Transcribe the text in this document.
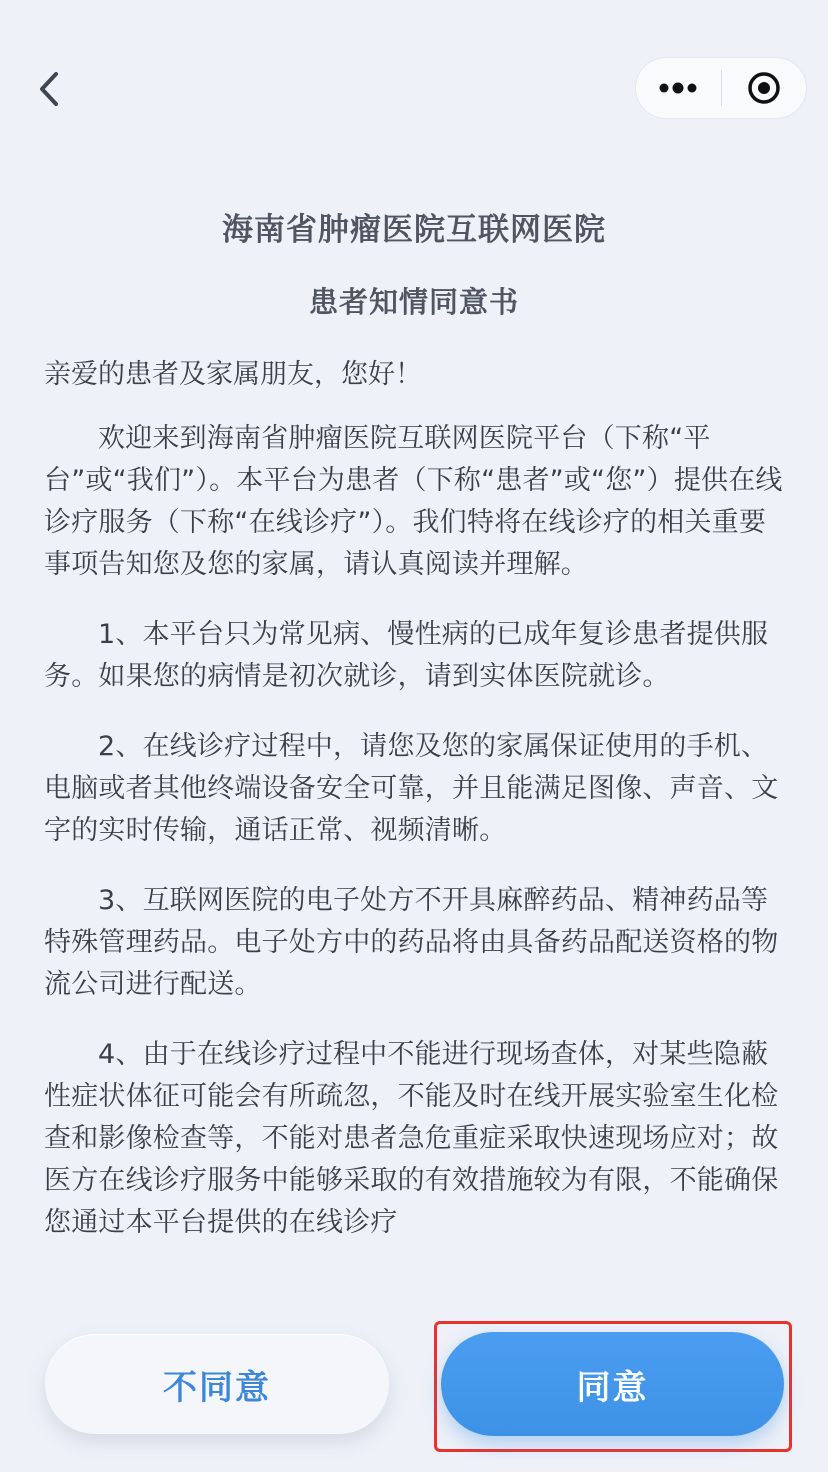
海南省肿瘤医院互联网医院
患者知情同意书
亲爱的患者及家属朋友，您好！

欢迎来到海南省肿瘤医院互联网医院平台（下称“平台”或“我们”）。本平台为患者（下称“患者”或“您”）提供在线诊疗服务（下称“在线诊疗”）。我们特将在线诊疗的相关重要事项告知您及您的家属，请认真阅读并理解。

1、本平台只为常见病、慢性病的已成年复诊患者提供服务。如果您的病情是初次就诊，请到实体医院就诊。

2、在线诊疗过程中，请您及您的家属保证使用的手机、电脑或者其他终端设备安全可靠，并且能满足图像、声音、文字的实时传输，通话正常、视频清晰。

3、互联网医院的电子处方不开具麻醉药品、精神药品等特殊管理药品。电子处方中的药品将由具备药品配送资格的物流公司进行配送。

4、由于在线诊疗过程中不能进行现场查体，对某些隐蔽性症状体征可能会有所疏忽，不能及时在线开展实验室生化检查和影像检查等，不能对患者急危重症采取快速现场应对；故医方在线诊疗服务中能够采取的有效措施较为有限，不能确保您通过本平台提供的在线诊疗

不同意	同意
